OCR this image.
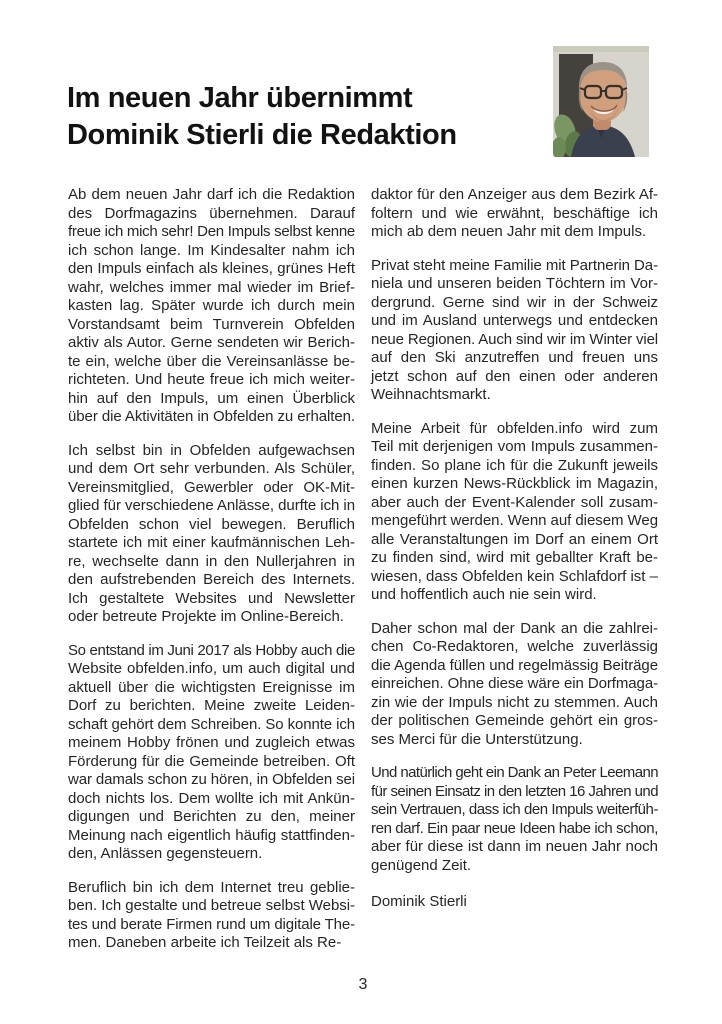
Im neuen Jahr übernimmt
Dominik Stierli die Redaktion
Ab dem neuen Jahr darf ich die Redaktion
des Dorfmagazins übernehmen. Darauf
freue ich mich sehr! Den Impuls selbst kenne
ich schon lange. Im Kindesalter nahm ich
den Impuls einfach als kleines, grünes Heft
wahr, welches immer mal wieder im Brief-
kasten lag. Später wurde ich durch mein
Vorstandsamt beim Turnverein Obfelden
aktiv als Autor. Gerne sendeten wir Berich-
te ein, welche über die Vereinsanlässe be-
richteten. Und heute freue ich mich weiter-
hin auf den Impuls, um einen Überblick
über die Aktivitäten in Obfelden zu erhalten.
Ich selbst bin in Obfelden aufgewachsen
und dem Ort sehr verbunden. Als Schüler,
Vereinsmitglied, Gewerbler oder OK-Mit-
glied für verschiedene Anlässe, durfte ich in
Obfelden schon viel bewegen. Beruflich
startete ich mit einer kaufmännischen Leh-
re, wechselte dann in den Nullerjahren in
den aufstrebenden Bereich des Internets.
Ich gestaltete Websites und Newsletter
oder betreute Projekte im Online-Bereich.
So entstand im Juni 2017 als Hobby auch die
Website obfelden.info, um auch digital und
aktuell über die wichtigsten Ereignisse im
Dorf zu berichten. Meine zweite Leiden-
schaft gehört dem Schreiben. So konnte ich
meinem Hobby frönen und zugleich etwas
Förderung für die Gemeinde betreiben. Oft
war damals schon zu hören, in Obfelden sei
doch nichts los. Dem wollte ich mit Ankün-
digungen und Berichten zu den, meiner
Meinung nach eigentlich häufig stattfinden-
den, Anlässen gegensteuern.
Beruflich bin ich dem Internet treu geblie-
ben. Ich gestalte und betreue selbst Websi-
tes und berate Firmen rund um digitale The-
men. Daneben arbeite ich Teilzeit als Re-
daktor für den Anzeiger aus dem Bezirk Af-
foltern und wie erwähnt, beschäftige ich
mich ab dem neuen Jahr mit dem Impuls.
Privat steht meine Familie mit Partnerin Da-
niela und unseren beiden Töchtern im Vor-
dergrund. Gerne sind wir in der Schweiz
und im Ausland unterwegs und entdecken
neue Regionen. Auch sind wir im Winter viel
auf den Ski anzutreffen und freuen uns
jetzt schon auf den einen oder anderen
Weihnachtsmarkt.
Meine Arbeit für obfelden.info wird zum
Teil mit derjenigen vom Impuls zusammen-
finden. So plane ich für die Zukunft jeweils
einen kurzen News-Rückblick im Magazin,
aber auch der Event-Kalender soll zusam-
mengeführt werden. Wenn auf diesem Weg
alle Veranstaltungen im Dorf an einem Ort
zu finden sind, wird mit geballter Kraft be-
wiesen, dass Obfelden kein Schlafdorf ist –
und hoffentlich auch nie sein wird.
Daher schon mal der Dank an die zahlrei-
chen Co-Redaktoren, welche zuverlässig
die Agenda füllen und regelmässig Beiträge
einreichen. Ohne diese wäre ein Dorfmaga-
zin wie der Impuls nicht zu stemmen. Auch
der politischen Gemeinde gehört ein gros-
ses Merci für die Unterstützung.
Und natürlich geht ein Dank an Peter Leemann
für seinen Einsatz in den letzten 16 Jahren und
sein Vertrauen, dass ich den Impuls weiterfüh-
ren darf. Ein paar neue Ideen habe ich schon,
aber für diese ist dann im neuen Jahr noch
genügend Zeit.
Dominik Stierli
3
